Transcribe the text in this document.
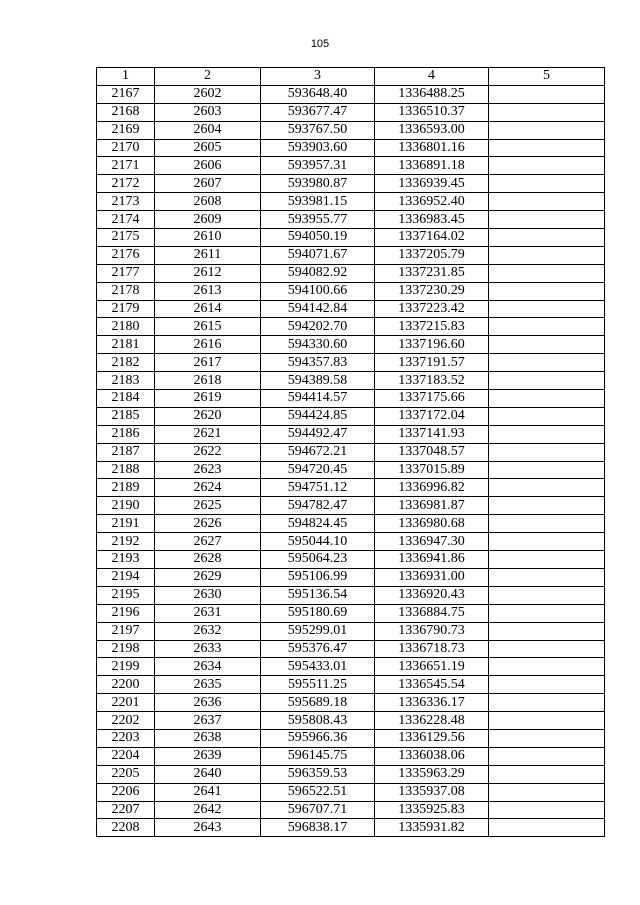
105
1	2	3	4	5
2167	2602	593648.40	1336488.25	
2168	2603	593677.47	1336510.37	
2169	2604	593767.50	1336593.00	
2170	2605	593903.60	1336801.16	
2171	2606	593957.31	1336891.18	
2172	2607	593980.87	1336939.45	
2173	2608	593981.15	1336952.40	
2174	2609	593955.77	1336983.45	
2175	2610	594050.19	1337164.02	
2176	2611	594071.67	1337205.79	
2177	2612	594082.92	1337231.85	
2178	2613	594100.66	1337230.29	
2179	2614	594142.84	1337223.42	
2180	2615	594202.70	1337215.83	
2181	2616	594330.60	1337196.60	
2182	2617	594357.83	1337191.57	
2183	2618	594389.58	1337183.52	
2184	2619	594414.57	1337175.66	
2185	2620	594424.85	1337172.04	
2186	2621	594492.47	1337141.93	
2187	2622	594672.21	1337048.57	
2188	2623	594720.45	1337015.89	
2189	2624	594751.12	1336996.82	
2190	2625	594782.47	1336981.87	
2191	2626	594824.45	1336980.68	
2192	2627	595044.10	1336947.30	
2193	2628	595064.23	1336941.86	
2194	2629	595106.99	1336931.00	
2195	2630	595136.54	1336920.43	
2196	2631	595180.69	1336884.75	
2197	2632	595299.01	1336790.73	
2198	2633	595376.47	1336718.73	
2199	2634	595433.01	1336651.19	
2200	2635	595511.25	1336545.54	
2201	2636	595689.18	1336336.17	
2202	2637	595808.43	1336228.48	
2203	2638	595966.36	1336129.56	
2204	2639	596145.75	1336038.06	
2205	2640	596359.53	1335963.29	
2206	2641	596522.51	1335937.08	
2207	2642	596707.71	1335925.83	
2208	2643	596838.17	1335931.82	
